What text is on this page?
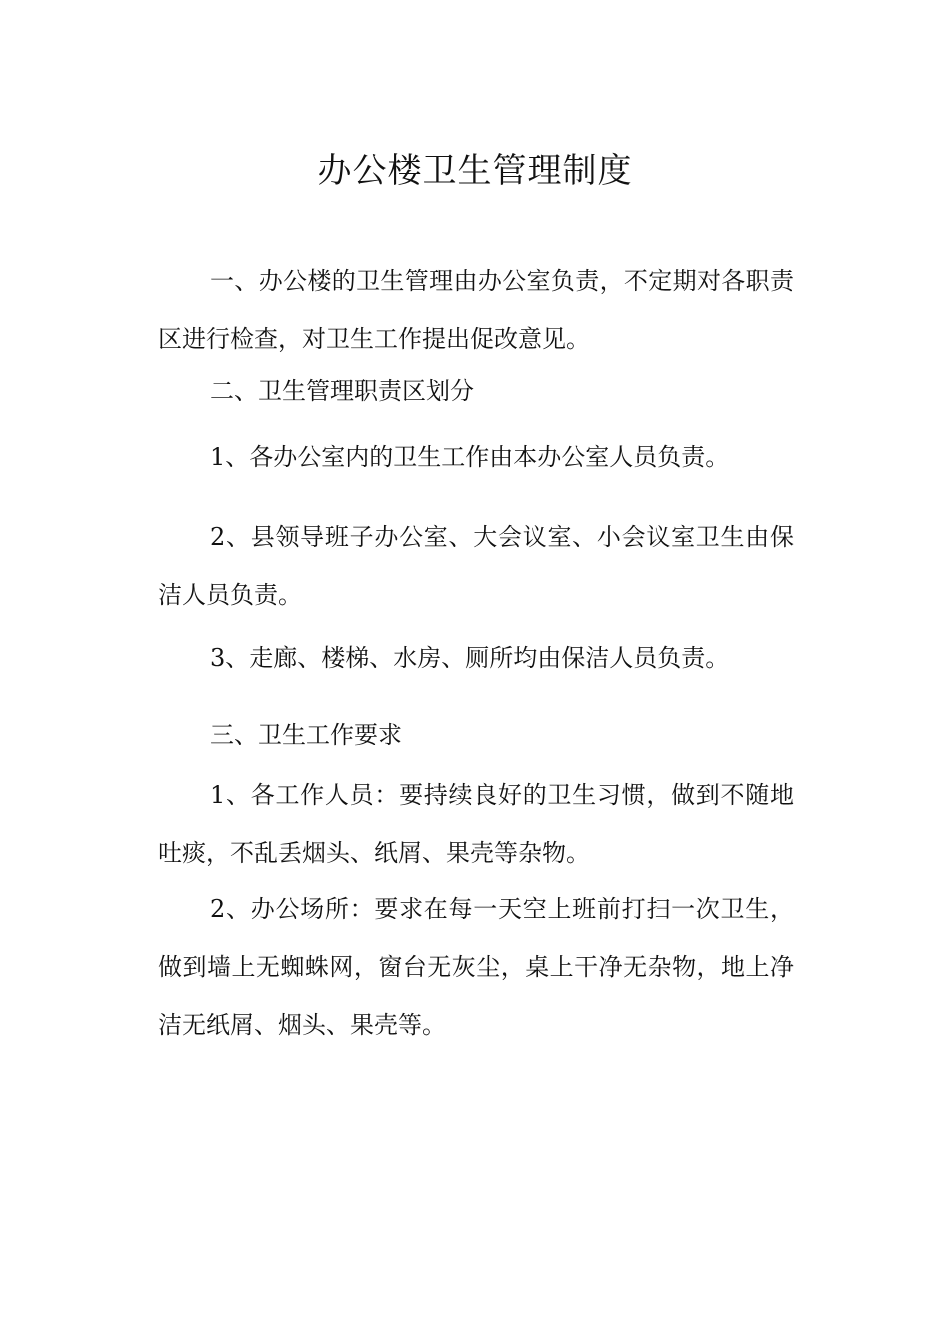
办公楼卫生管理制度

一、办公楼的卫生管理由办公室负责，不定期对各职责区进行检查，对卫生工作提出促改意见。

二、卫生管理职责区划分

1、各办公室内的卫生工作由本办公室人员负责。

2、县领导班子办公室、大会议室、小会议室卫生由保洁人员负责。

3、走廊、楼梯、水房、厕所均由保洁人员负责。

三、卫生工作要求

1、各工作人员：要持续良好的卫生习惯，做到不随地吐痰，不乱丢烟头、纸屑、果壳等杂物。

2、办公场所：要求在每一天空上班前打扫一次卫生，做到墙上无蜘蛛网，窗台无灰尘，桌上干净无杂物，地上净洁无纸屑、烟头、果壳等。
